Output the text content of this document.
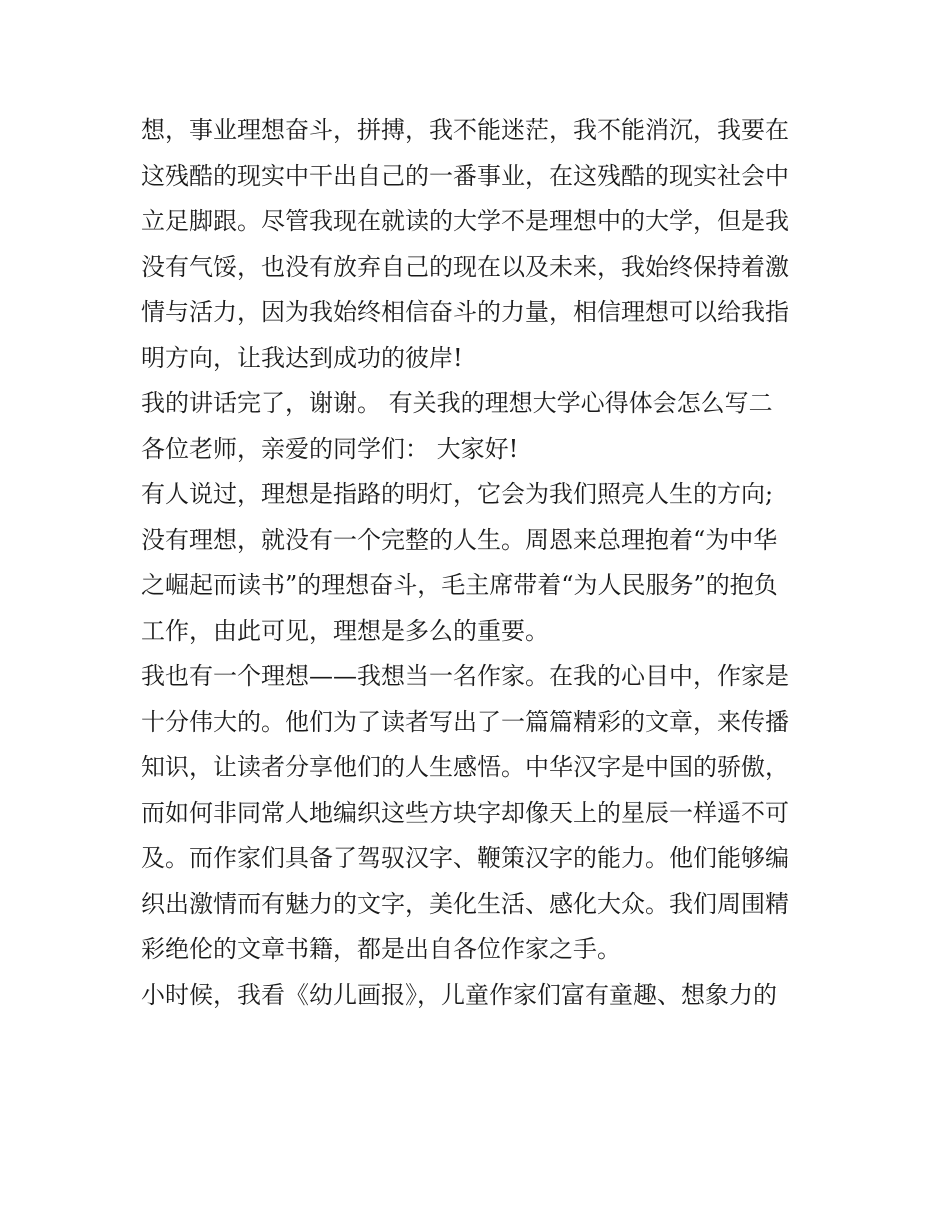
想，事业理想奋斗，拼搏，我不能迷茫，我不能消沉，我要在
这残酷的现实中干出自己的一番事业，在这残酷的现实社会中
立足脚跟。尽管我现在就读的大学不是理想中的大学，但是我
没有气馁，也没有放弃自己的现在以及未来，我始终保持着激
情与活力，因为我始终相信奋斗的力量，相信理想可以给我指
明方向，让我达到成功的彼岸!
我的讲话完了，谢谢。 有关我的理想大学心得体会怎么写二
各位老师，亲爱的同学们： 大家好!
有人说过，理想是指路的明灯，它会为我们照亮人生的方向;
没有理想，就没有一个完整的人生。周恩来总理抱着“为中华
之崛起而读书”的理想奋斗，毛主席带着“为人民服务”的抱负
工作，由此可见，理想是多么的重要。
我也有一个理想——我想当一名作家。在我的心目中，作家是
十分伟大的。他们为了读者写出了一篇篇精彩的文章，来传播
知识，让读者分享他们的人生感悟。中华汉字是中国的骄傲，
而如何非同常人地编织这些方块字却像天上的星辰一样遥不可
及。而作家们具备了驾驭汉字、鞭策汉字的能力。他们能够编
织出激情而有魅力的文字，美化生活、感化大众。我们周围精
彩绝伦的文章书籍，都是出自各位作家之手。
小时候，我看《幼儿画报》，儿童作家们富有童趣、想象力的
